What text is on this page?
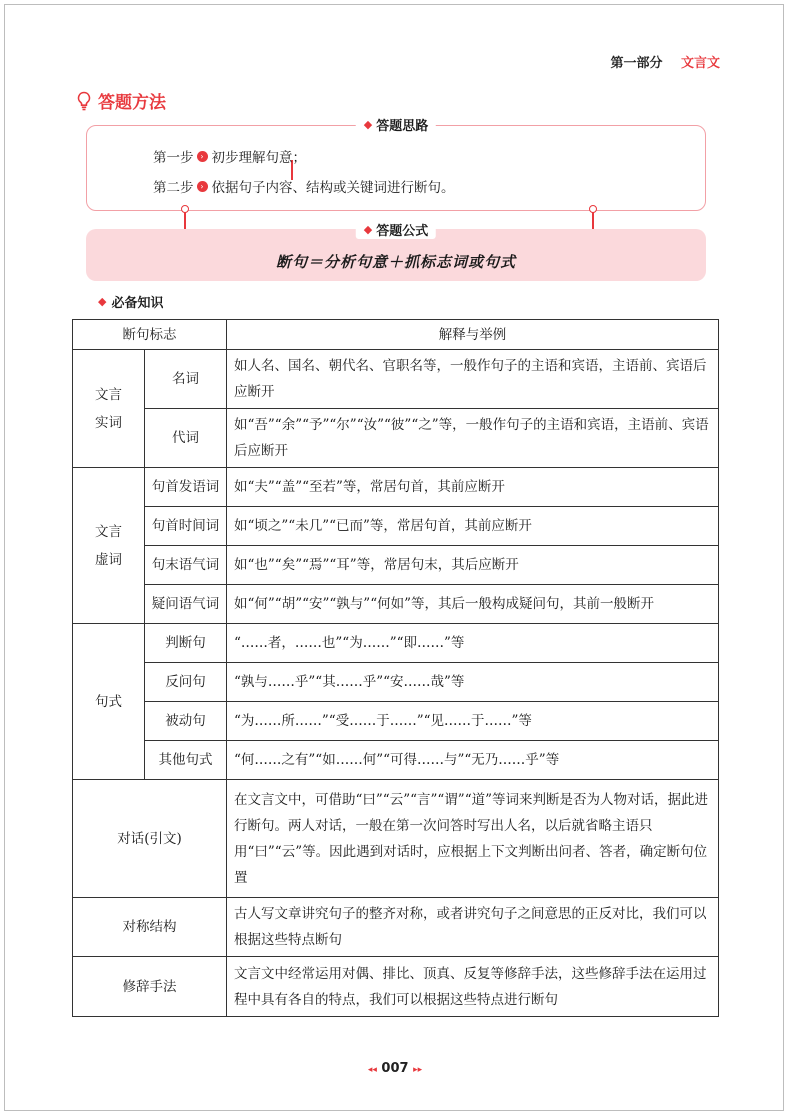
第一部分 文言文
答题方法
◆ 答题思路
第一步 › 初步理解句意；
第二步 › 依据句子内容、结构或关键词进行断句。
◆ 答题公式
断句＝分析句意＋抓标志词或句式
◆ 必备知识
断句标志		解释与举例

文言实词	名词	如人名、国名、朝代名、官职名等，一般作句子的主语和宾语，主语前、宾语后应断开
	代词	如“吾”“余”“予”“尔”“汝”“彼”“之”等，一般作句子的主语和宾语，主语前、宾语后应断开

文言虚词	句首发语词	如“夫”“盖”“至若”等，常居句首，其前应断开
	句首时间词	如“顷之”“未几”“已而”等，常居句首，其前应断开
	句末语气词	如“也”“矣”“焉”“耳”等，常居句末，其后应断开
	疑问语气词	如“何”“胡”“安”“孰与”“何如”等，其后一般构成疑问句，其前一般断开
句式	判断句	“……者，……也”“为……”“即……”等
	反问句	“孰与……乎”“其……乎”“安……哉”等
	被动句	“为……所……”“受……于……”“见……于……”等
	其他句式	“何……之有”“如……何”“可得……与”“无乃……乎”等
对话(引文)		在文言文中，可借助“曰”“云”“言”“谓”“道”等词来判断是否为人物对话，据此进行断句。两人对话，一般在第一次问答时写出人名，以后就省略主语只用“曰”“云”等。因此遇到对话时，应根据上下文判断出问者、答者，确定断句位置
对称结构		古人写文章讲究句子的整齐对称，或者讲究句子之间意思的正反对比，我们可以根据这些特点断句
修辞手法		文言文中经常运用对偶、排比、顶真、反复等修辞手法，这些修辞手法在运用过程中具有各自的特点，我们可以根据这些特点进行断句
◂◂ 007 ▸▸
